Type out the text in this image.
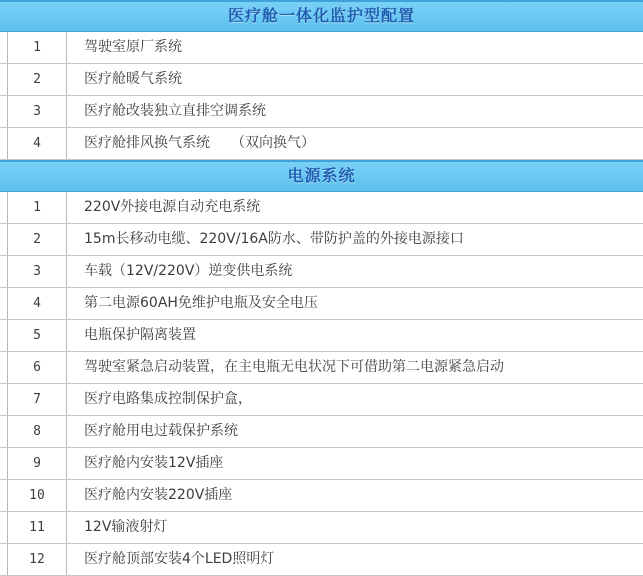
医疗舱一体化监护型配置
1	驾驶室原厂系统
2	医疗舱暖气系统
3	医疗舱改装独立直排空调系统
4	医疗舱排风换气系统　　（双向换气）
电源系统
1	220V外接电源自动充电系统
2	15m长移动电缆、220V/16A防水、带防护盖的外接电源接口
3	车载（12V/220V）逆变供电系统
4	第二电源60AH免维护电瓶及安全电压
5	电瓶保护隔离装置
6	驾驶室紧急启动装置，在主电瓶无电状况下可借助第二电源紧急启动
7	医疗电路集成控制保护盒，
8	医疗舱用电过载保护系统
9	医疗舱内安装12V插座
10	医疗舱内安装220V插座
11	12V输液射灯
12	医疗舱顶部安装4个LED照明灯
